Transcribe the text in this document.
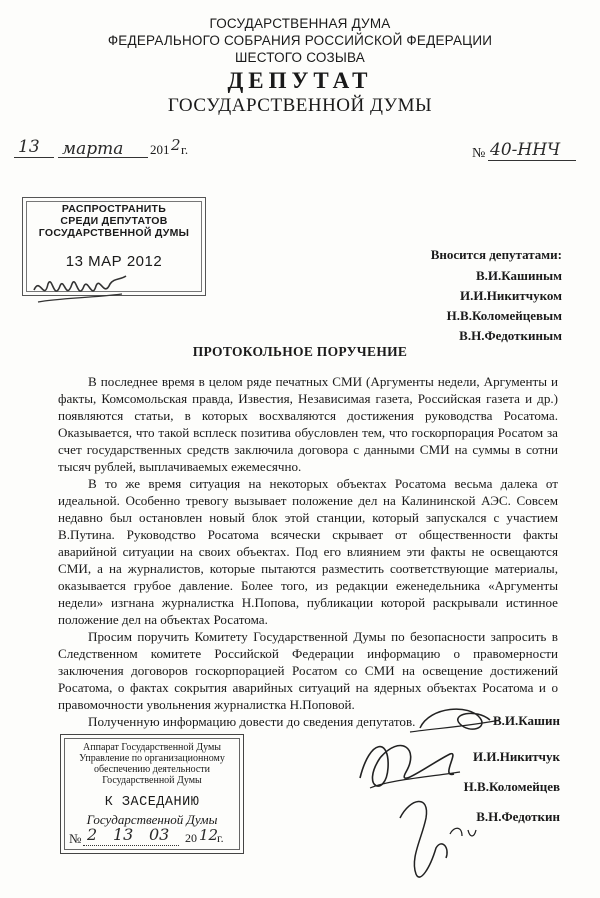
ГОСУДАРСТВЕННАЯ ДУМА
ФЕДЕРАЛЬНОГО СОБРАНИЯ РОССИЙСКОЙ ФЕДЕРАЦИИ
ШЕСТОГО СОЗЫВА
ДЕПУТАТ
ГОСУДАРСТВЕННОЙ ДУМЫ
13 марта 201 2 г.	№ 40-ННЧ
РАСПРОСТРАНИТЬ
СРЕДИ ДЕПУТАТОВ
ГОСУДАРСТВЕННОЙ ДУМЫ
13 МАР 2012	Вносится депутатами:
В.И.Кашиным
И.И.Никитчуком
Н.В.Коломейцевым
В.Н.Федоткиным
ПРОТОКОЛЬНОЕ ПОРУЧЕНИЕ

В последнее время в целом ряде печатных СМИ (Аргументы недели, Аргументы и факты, Комсомольская правда, Известия, Независимая газета, Российская газета и др.) появляются статьи, в которых восхваляются достижения руководства Росатома. Оказывается, что такой всплеск позитива обусловлен тем, что госкорпорация Росатом за счет государственных средств заключила договора с данными СМИ на суммы в сотни тысяч рублей, выплачиваемых ежемесячно.

В то же время ситуация на некоторых объектах Росатома весьма далека от идеальной. Особенно тревогу вызывает положение дел на Калининской АЭС. Совсем недавно был остановлен новый блок этой станции, который запускался с участием В.Путина. Руководство Росатома всячески скрывает от общественности факты аварийной ситуации на своих объектах. Под его влиянием эти факты не освещаются СМИ, а на журналистов, которые пытаются разместить соответствующие материалы, оказывается грубое давление. Более того, из редакции еженедельника «Аргументы недели» изгнана журналистка Н.Попова, публикации которой раскрывали истинное положение дел на объектах Росатома.

Просим поручить Комитету Государственной Думы по безопасности запросить в Следственном комитете Российской Федерации информацию о правомерности заключения договоров госкорпорацией Росатом со СМИ на освещение достижений Росатома, о фактах сокрытия аварийных ситуаций на ядерных объектах Росатома и о правомочности увольнения журналистка Н.Поповой.

Полученную информацию довести до сведения депутатов.	В.И.Кашин
И.И.Никитчук
Н.В.Коломейцев
В.Н.Федоткин
Аппарат Государственной Думы
Управление по организационному
обеспечению деятельности
Государственной Думы
К ЗАСЕДАНИЮ
Государственной Думы
№ 2 13 03 20 12
г.
